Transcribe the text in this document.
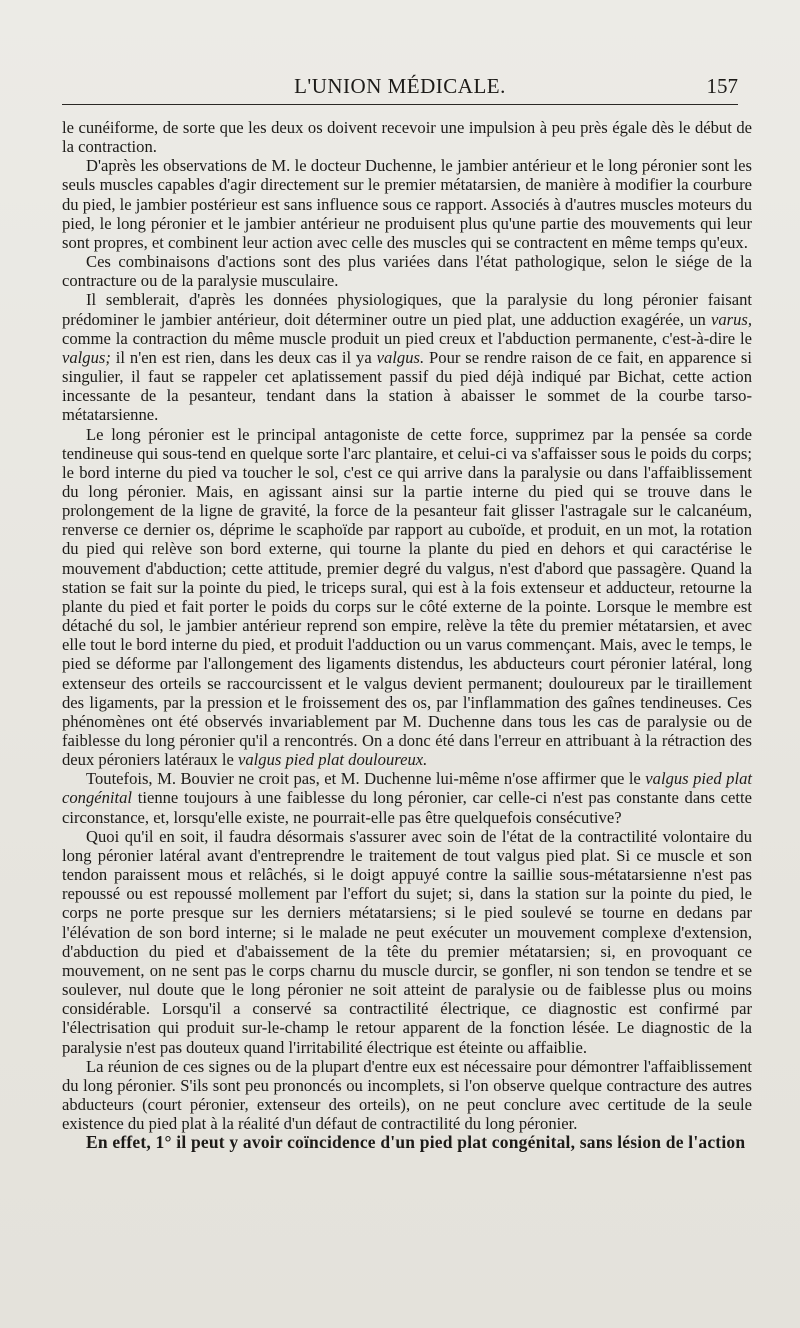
L'UNION MÉDICALE.	157

le cunéiforme, de sorte que les deux os doivent recevoir une impulsion à peu près égale dès le début de la contraction.

D'après les observations de M. le docteur Duchenne, le jambier antérieur et le long péronier sont les seuls muscles capables d'agir directement sur le premier métatarsien, de manière à modifier la courbure du pied, le jambier postérieur est sans influence sous ce rapport. Associés à d'autres muscles moteurs du pied, le long péronier et le jambier antérieur ne produisent plus qu'une partie des mouvements qui leur sont propres, et combinent leur action avec celle des muscles qui se contractent en même temps qu'eux.

Ces combinaisons d'actions sont des plus variées dans l'état pathologique, selon le siége de la contracture ou de la paralysie musculaire.

Il semblerait, d'après les données physiologiques, que la paralysie du long péronier faisant prédominer le jambier antérieur, doit déterminer outre un pied plat, une adduction exagérée, un varus, comme la contraction du même muscle produit un pied creux et l'abduction permanente, c'est-à-dire le valgus; il n'en est rien, dans les deux cas il ya valgus. Pour se rendre raison de ce fait, en apparence si singulier, il faut se rappeler cet aplatissement passif du pied déjà indiqué par Bichat, cette action incessante de la pesanteur, tendant dans la station à abaisser le sommet de la courbe tarso-métatarsienne.

Le long péronier est le principal antagoniste de cette force, supprimez par la pensée sa corde tendineuse qui sous-tend en quelque sorte l'arc plantaire, et celui-ci va s'affaisser sous le poids du corps; le bord interne du pied va toucher le sol, c'est ce qui arrive dans la paralysie ou dans l'affaiblissement du long péronier. Mais, en agissant ainsi sur la partie interne du pied qui se trouve dans le prolongement de la ligne de gravité, la force de la pesanteur fait glisser l'astragale sur le calcanéum, renverse ce dernier os, déprime le scaphoïde par rapport au cuboïde, et produit, en un mot, la rotation du pied qui relève son bord externe, qui tourne la plante du pied en dehors et qui caractérise le mouvement d'abduction; cette attitude, premier degré du valgus, n'est d'abord que passagère. Quand la station se fait sur la pointe du pied, le triceps sural, qui est à la fois extenseur et adducteur, retourne la plante du pied et fait porter le poids du corps sur le côté externe de la pointe. Lorsque le membre est détaché du sol, le jambier antérieur reprend son empire, relève la tête du premier métatarsien, et avec elle tout le bord interne du pied, et produit l'adduction ou un varus commençant. Mais, avec le temps, le pied se déforme par l'allongement des ligaments distendus, les abducteurs court péronier latéral, long extenseur des orteils se raccourcissent et le valgus devient permanent; douloureux par le tiraillement des ligaments, par la pression et le froissement des os, par l'inflammation des gaînes tendineuses. Ces phénomènes ont été observés invariablement par M. Duchenne dans tous les cas de paralysie ou de faiblesse du long péronier qu'il a rencontrés. On a donc été dans l'erreur en attribuant à la rétraction des deux péroniers latéraux le valgus pied plat douloureux.

Toutefois, M. Bouvier ne croit pas, et M. Duchenne lui-même n'ose affirmer que le valgus pied plat congénital tienne toujours à une faiblesse du long péronier, car celle-ci n'est pas constante dans cette circonstance, et, lorsqu'elle existe, ne pourrait-elle pas être quelquefois consécutive?

Quoi qu'il en soit, il faudra désormais s'assurer avec soin de l'état de la contractilité volontaire du long péronier latéral avant d'entreprendre le traitement de tout valgus pied plat. Si ce muscle et son tendon paraissent mous et relâchés, si le doigt appuyé contre la saillie sous-métatarsienne n'est pas repoussé ou est repoussé mollement par l'effort du sujet; si, dans la station sur la pointe du pied, le corps ne porte presque sur les derniers métatarsiens; si le pied soulevé se tourne en dedans par l'élévation de son bord interne; si le malade ne peut exécuter un mouvement complexe d'extension, d'abduction du pied et d'abaissement de la tête du premier métatarsien; si, en provoquant ce mouvement, on ne sent pas le corps charnu du muscle durcir, se gonfler, ni son tendon se tendre et se soulever, nul doute que le long péronier ne soit atteint de paralysie ou de faiblesse plus ou moins considérable. Lorsqu'il a conservé sa contractilité électrique, ce diagnostic est confirmé par l'électrisation qui produit sur-le-champ le retour apparent de la fonction lésée. Le diagnostic de la paralysie n'est pas douteux quand l'irritabilité électrique est éteinte ou affaiblie.

La réunion de ces signes ou de la plupart d'entre eux est nécessaire pour démontrer l'affaiblissement du long péronier. S'ils sont peu prononcés ou incomplets, si l'on observe quelque contracture des autres abducteurs (court péronier, extenseur des orteils), on ne peut conclure avec certitude de la seule existence du pied plat à la réalité d'un défaut de contractilité du long péronier.

En effet, 1° il peut y avoir coïncidence d'un pied plat congénital, sans lésion de l'action
